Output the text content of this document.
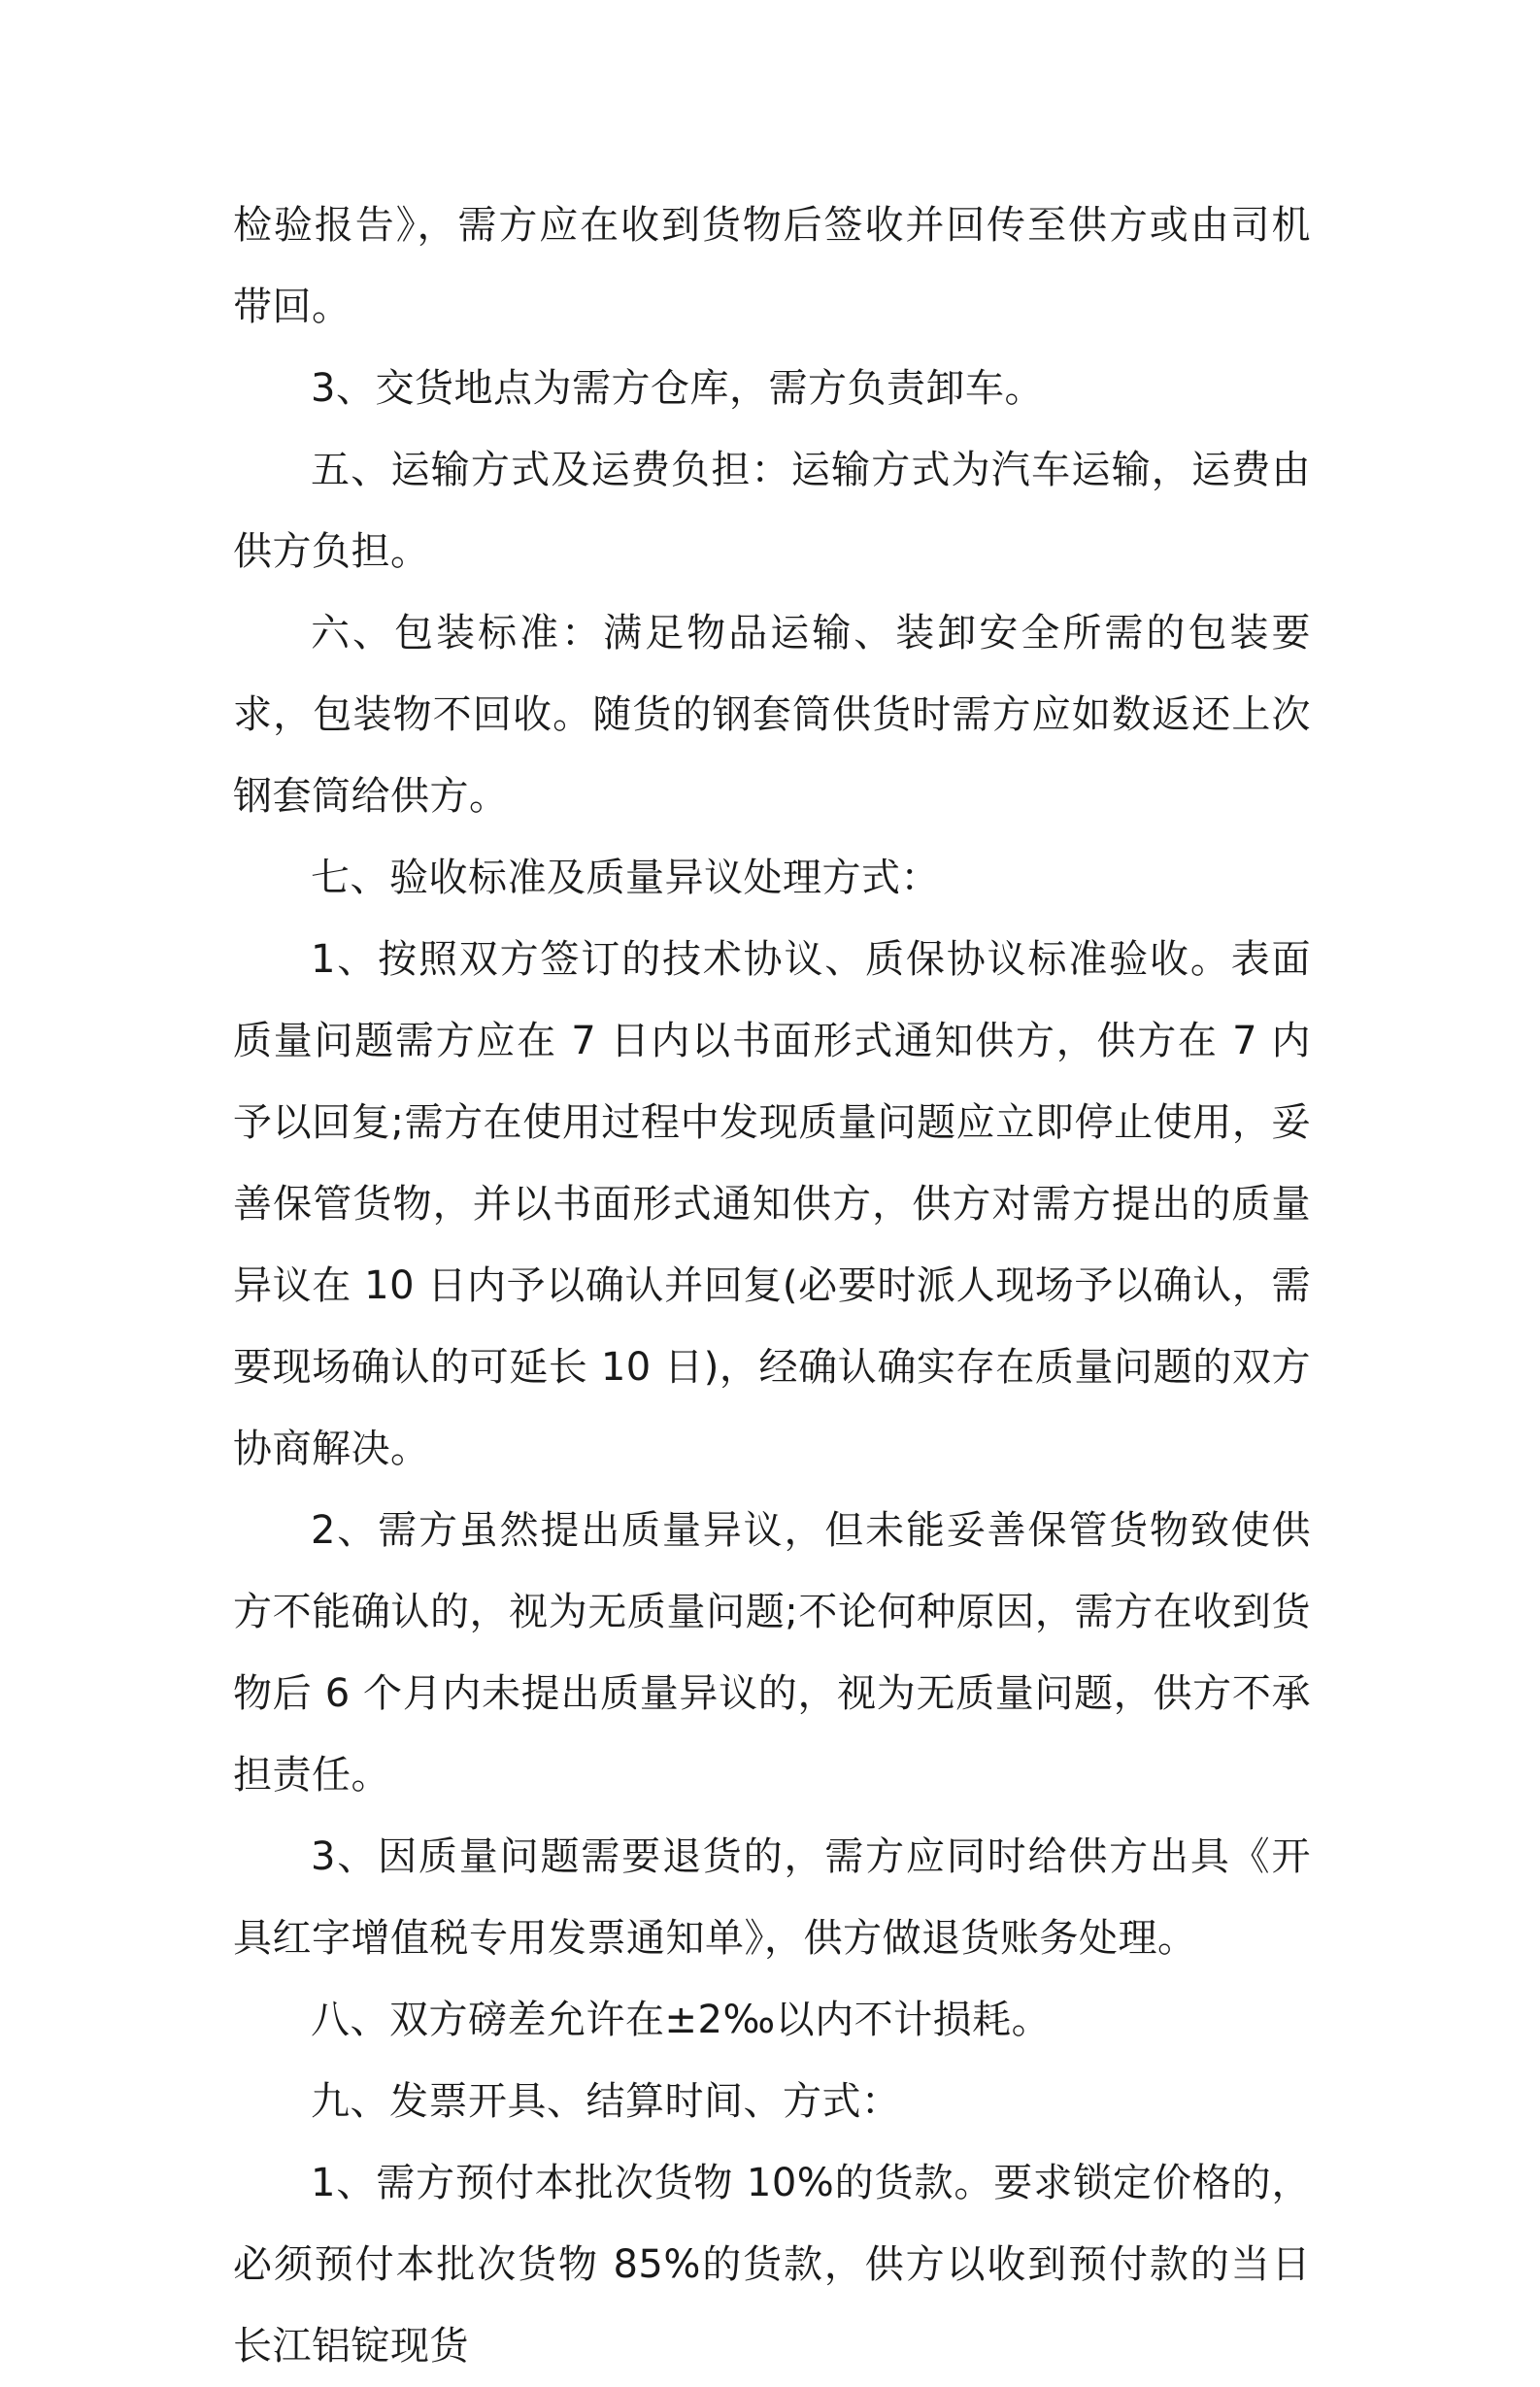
检验报告》，需方应在收到货物后签收并回传至供方或由司机带回。

3、交货地点为需方仓库，需方负责卸车。

五、运输方式及运费负担：运输方式为汽车运输，运费由供方负担。

六、包装标准：满足物品运输、装卸安全所需的包装要求，包装物不回收。随货的钢套筒供货时需方应如数返还上次钢套筒给供方。

七、验收标准及质量异议处理方式：

1、按照双方签订的技术协议、质保协议标准验收。表面质量问题需方应在 7 日内以书面形式通知供方，供方在 7 内予以回复;需方在使用过程中发现质量问题应立即停止使用，妥善保管货物，并以书面形式通知供方，供方对需方提出的质量异议在 10 日内予以确认并回复(必要时派人现场予以确认，需要现场确认的可延长 10 日)，经确认确实存在质量问题的双方协商解决。

2、需方虽然提出质量异议，但未能妥善保管货物致使供方不能确认的，视为无质量问题;不论何种原因，需方在收到货物后 6 个月内未提出质量异议的，视为无质量问题，供方不承担责任。

3、因质量问题需要退货的，需方应同时给供方出具《开具红字增值税专用发票通知单》，供方做退货账务处理。

八、双方磅差允许在±2‰以内不计损耗。

九、发票开具、结算时间、方式：

1、需方预付本批次货物 10%的货款。要求锁定价格的，必须预付本批次货物 85%的货款，供方以收到预付款的当日长江铝锭现货
